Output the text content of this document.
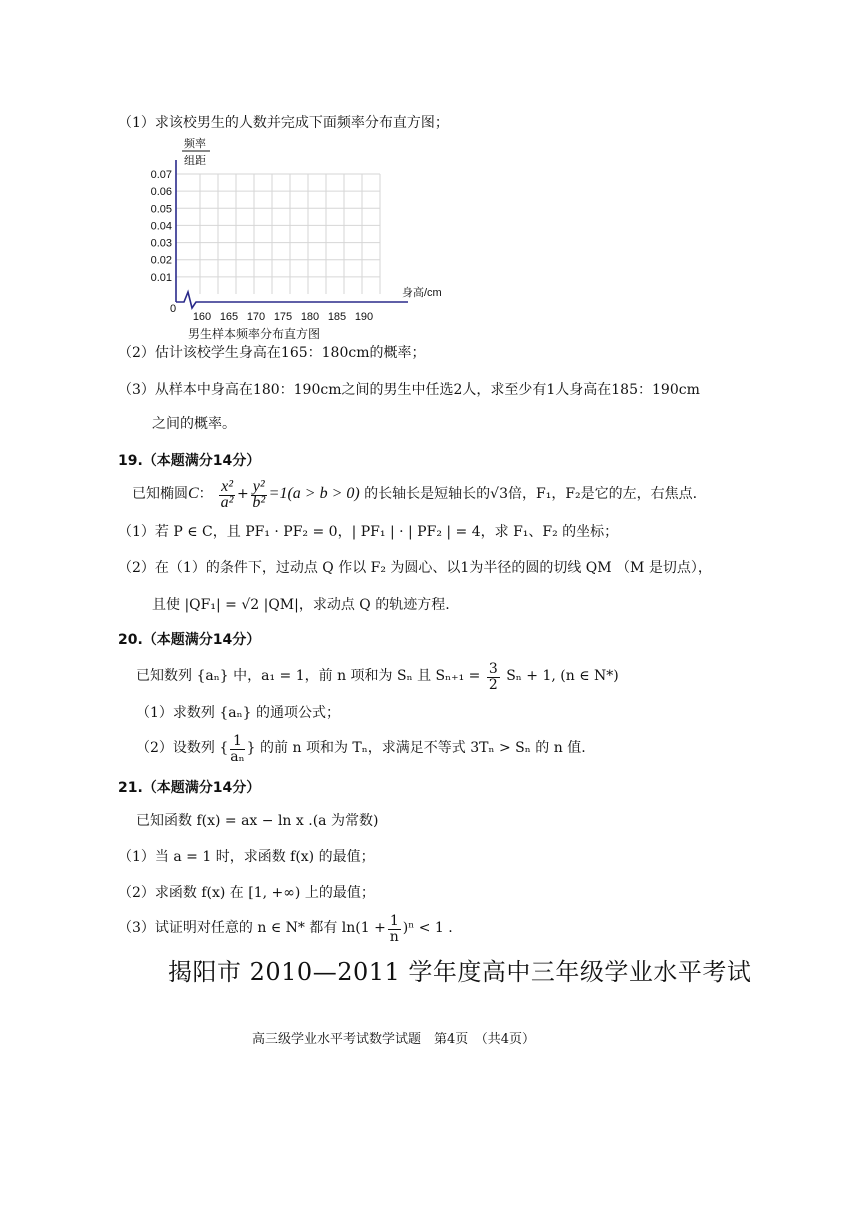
（1）求该校男生的人数并完成下面频率分布直方图；
0.01
0.02
0.03
0.04
0.05
0.06
0.07
160 165 170 175 180 185 190
频率
组距
身高/cm
0
男生样本频率分布直方图
（2）估计该校学生身高在165：180cm的概率；
（3）从样本中身高在180：190cm之间的男生中任选2人，求至少有1人身高在185：190cm
之间的概率。
19.（本题满分14分）
已知椭圆C： $\frac{\text{x²}}{\text{a²}} + \frac{\text{y²}}{\text{b²}} =1(a > b > 0)$ 的长轴长是短轴长的√3倍，F₁，F₂是它的左，右焦点.
（1）若 P ∈ C，且 PF₁ · PF₂ = 0，| PF₁ | · | PF₂ | = 4，求 F₁、F₂ 的坐标；
（2）在（1）的条件下，过动点 Q 作以 F₂ 为圆心、以1为半径的圆的切线 QM （M 是切点），
且使 |QF₁| = √2 |QM|，求动点 Q 的轨迹方程.
20.（本题满分14分）
已知数列 {aₙ} 中，a₁ = 1，前 n 项和为 Sₙ 且 $S_{n+1} = \frac{3}{2}$ Sₙ + 1, (n ∈ N*)
（1）求数列 {aₙ} 的通项公式；
（2）设数列 { $\frac{1}{\text{aₙ}}$ } 的前 n 项和为 Tₙ，求满足不等式 3Tₙ > Sₙ 的 n 值.
21.（本题满分14分）
已知函数 f(x) = ax − ln x .(a 为常数)
（1）当 a = 1 时，求函数 f(x) 的最值；
（2）求函数 f(x) 在 [1, +∞) 上的最值；
（3）试证明对任意的 n ∈ N* 都有 $\ln(1 + \frac{1}{n} )^n < 1$ .
揭阳市 2010—2011 学年度高中三年级学业水平考试
高三级学业水平考试数学试题　第4页　（共4页）
